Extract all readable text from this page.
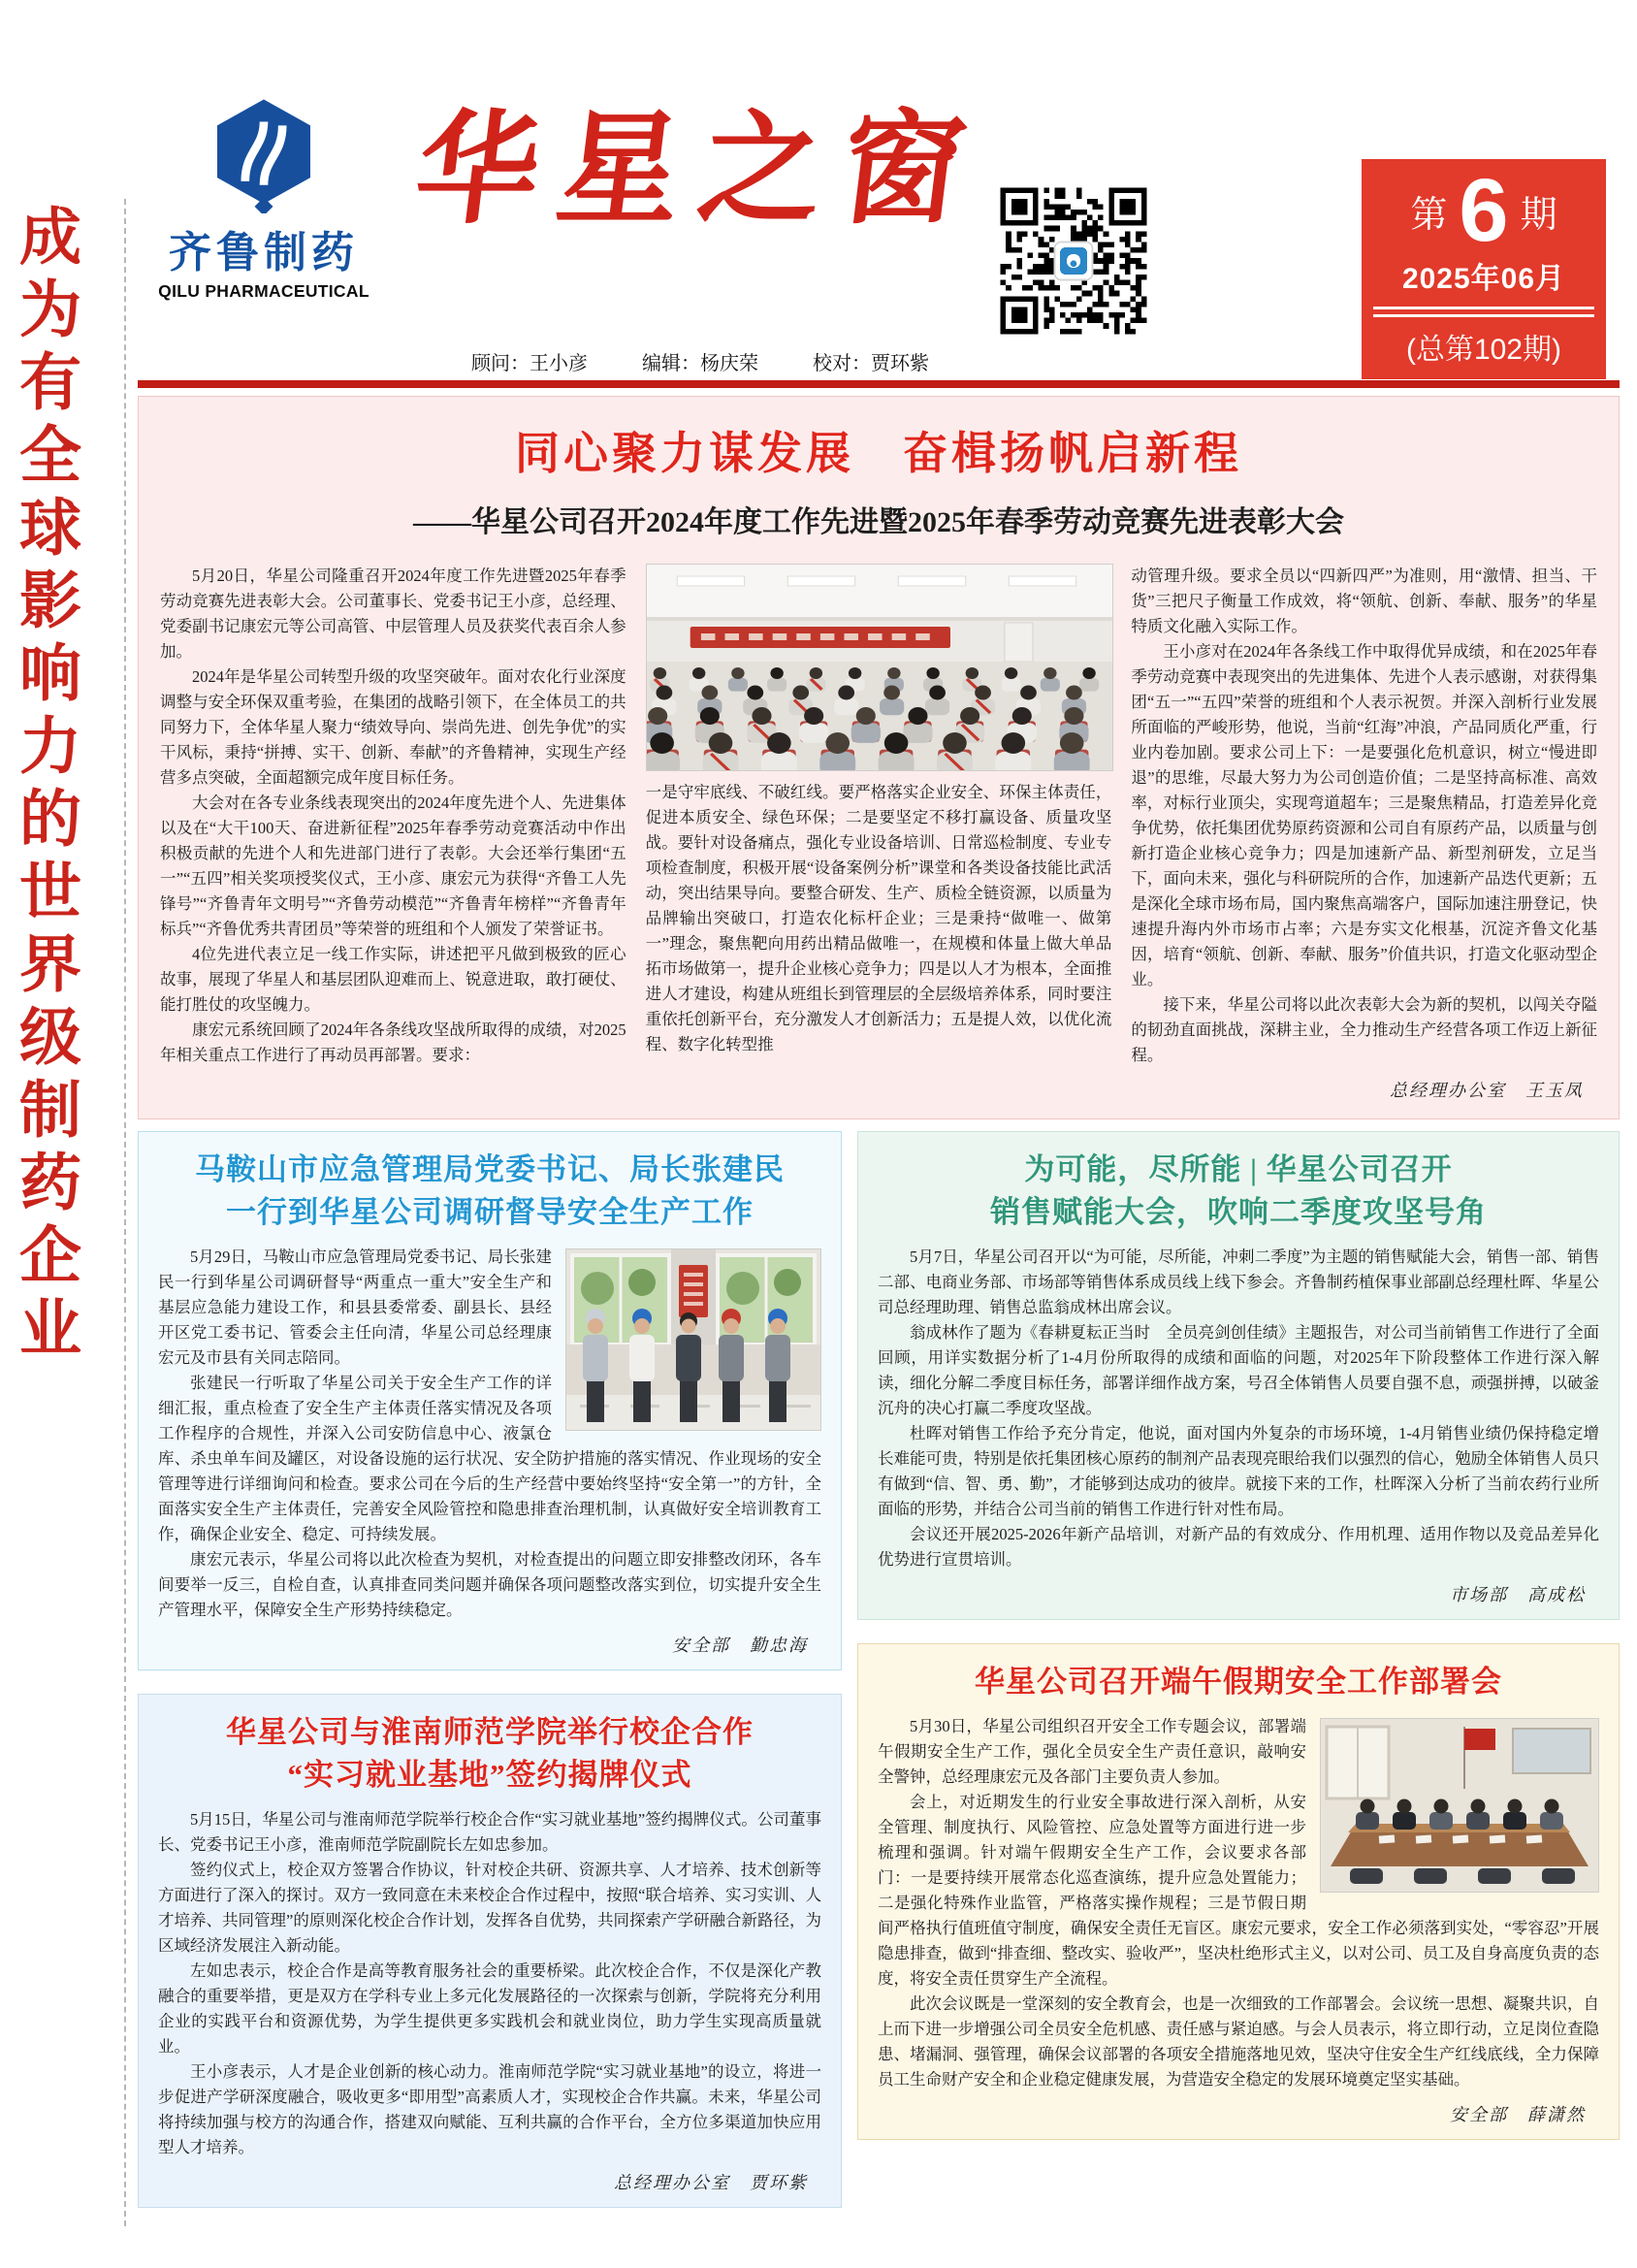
成为有全球影响力的世界级制药企业	齐鲁制药
QILU PHARMACEUTICAL
华星之窗
顾问：王小彦	编辑：杨庆荣	校对：贾环紫
第 6 期
2025年06月
(总第102期)
同心聚力谋发展　奋楫扬帆启新程
——华星公司召开2024年度工作先进暨2025年春季劳动竞赛先进表彰大会

5月20日，华星公司隆重召开2024年度工作先进暨2025年春季劳动竞赛先进表彰大会。公司董事长、党委书记王小彦，总经理、党委副书记康宏元等公司高管、中层管理人员及获奖代表百余人参加。

2024年是华星公司转型升级的攻坚突破年。面对农化行业深度调整与安全环保双重考验，在集团的战略引领下，在全体员工的共同努力下，全体华星人聚力“绩效导向、崇尚先进、创先争优”的实干风标，秉持“拼搏、实干、创新、奉献”的齐鲁精神，实现生产经营多点突破，全面超额完成年度目标任务。

大会对在各专业条线表现突出的2024年度先进个人、先进集体以及在“大干100天、奋进新征程”2025年春季劳动竞赛活动中作出积极贡献的先进个人和先进部门进行了表彰。大会还举行集团“五一”“五四”相关奖项授奖仪式，王小彦、康宏元为获得“齐鲁工人先锋号”“齐鲁青年文明号”“齐鲁劳动模范”“齐鲁青年榜样”“齐鲁青年标兵”“齐鲁优秀共青团员”等荣誉的班组和个人颁发了荣誉证书。

4位先进代表立足一线工作实际，讲述把平凡做到极致的匠心故事，展现了华星人和基层团队迎难而上、锐意进取，敢打硬仗、能打胜仗的攻坚魄力。

康宏元系统回顾了2024年各条线攻坚战所取得的成绩，对2025年相关重点工作进行了再动员再部署。要求：

一是守牢底线、不破红线。要严格落实企业安全、环保主体责任，促进本质安全、绿色环保；二是要坚定不移打赢设备、质量攻坚战。要针对设备痛点，强化专业设备培训、日常巡检制度、专业专项检查制度，积极开展“设备案例分析”课堂和各类设备技能比武活动，突出结果导向。要整合研发、生产、质检全链资源，以质量为品牌输出突破口，打造农化标杆企业；三是秉持“做唯一、做第一”理念，聚焦靶向用药出精品做唯一，在规模和体量上做大单品拓市场做第一，提升企业核心竞争力；四是以人才为根本，全面推进人才建设，构建从班组长到管理层的全层级培养体系，同时要注重依托创新平台，充分激发人才创新活力；五是提人效，以优化流程、数字化转型推

动管理升级。要求全员以“四新四严”为准则，用“激情、担当、干货”三把尺子衡量工作成效，将“领航、创新、奉献、服务”的华星特质文化融入实际工作。

王小彦对在2024年各条线工作中取得优异成绩，和在2025年春季劳动竞赛中表现突出的先进集体、先进个人表示感谢，对获得集团“五一”“五四”荣誉的班组和个人表示祝贺。并深入剖析行业发展所面临的严峻形势，他说，当前“红海”冲浪，产品同质化严重，行业内卷加剧。要求公司上下：一是要强化危机意识，树立“慢进即退”的思维，尽最大努力为公司创造价值；二是坚持高标准、高效率，对标行业顶尖，实现弯道超车；三是聚焦精品，打造差异化竞争优势，依托集团优势原药资源和公司自有原药产品，以质量与创新打造企业核心竞争力；四是加速新产品、新型剂研发，立足当下，面向未来，强化与科研院所的合作，加速新产品迭代更新；五是深化全球市场布局，国内聚焦高端客户，国际加速注册登记，快速提升海内外市场市占率；六是夯实文化根基，沉淀齐鲁文化基因，培育“领航、创新、奉献、服务”价值共识，打造文化驱动型企业。

接下来，华星公司将以此次表彰大会为新的契机，以闯关夺隘的韧劲直面挑战，深耕主业，全力推动生产经营各项工作迈上新征程。

总经理办公室　王玉凤
马鞍山市应急管理局党委书记、局长张建民
一行到华星公司调研督导安全生产工作

5月29日，马鞍山市应急管理局党委书记、局长张建民一行到华星公司调研督导“两重点一重大”安全生产和基层应急能力建设工作，和县县委常委、副县长、县经开区党工委书记、管委会主任向清，华星公司总经理康宏元及市县有关同志陪同。

张建民一行听取了华星公司关于安全生产工作的详细汇报，重点检查了安全生产主体责任落实情况及各项工作程序的合规性，并深入公司安防信息中心、液氯仓库、杀虫单车间及罐区，对设备设施的运行状况、安全防护措施的落实情况、作业现场的安全管理等进行详细询问和检查。要求公司在今后的生产经营中要始终坚持“安全第一”的方针，全面落实安全生产主体责任，完善安全风险管控和隐患排查治理机制，认真做好安全培训教育工作，确保企业安全、稳定、可持续发展。

康宏元表示，华星公司将以此次检查为契机，对检查提出的问题立即安排整改闭环，各车间要举一反三，自检自查，认真排查同类问题并确保各项问题整改落实到位，切实提升安全生产管理水平，保障安全生产形势持续稳定。

安全部　勤忠海
华星公司与淮南师范学院举行校企合作
“实习就业基地”签约揭牌仪式

5月15日，华星公司与淮南师范学院举行校企合作“实习就业基地”签约揭牌仪式。公司董事长、党委书记王小彦，淮南师范学院副院长左如忠参加。

签约仪式上，校企双方签署合作协议，针对校企共研、资源共享、人才培养、技术创新等方面进行了深入的探讨。双方一致同意在未来校企合作过程中，按照“联合培养、实习实训、人才培养、共同管理”的原则深化校企合作计划，发挥各自优势，共同探索产学研融合新路径，为区域经济发展注入新动能。

左如忠表示，校企合作是高等教育服务社会的重要桥梁。此次校企合作，不仅是深化产教融合的重要举措，更是双方在学科专业上多元化发展路径的一次探索与创新，学院将充分利用企业的实践平台和资源优势，为学生提供更多实践机会和就业岗位，助力学生实现高质量就业。

王小彦表示，人才是企业创新的核心动力。淮南师范学院“实习就业基地”的设立，将进一步促进产学研深度融合，吸收更多“即用型”高素质人才，实现校企合作共赢。未来，华星公司将持续加强与校方的沟通合作，搭建双向赋能、互利共赢的合作平台，全方位多渠道加快应用型人才培养。

总经理办公室　贾环紫
为可能，尽所能 | 华星公司召开
销售赋能大会，吹响二季度攻坚号角

5月7日，华星公司召开以“为可能，尽所能，冲刺二季度”为主题的销售赋能大会，销售一部、销售二部、电商业务部、市场部等销售体系成员线上线下参会。齐鲁制药植保事业部副总经理杜晖、华星公司总经理助理、销售总监翁成林出席会议。

翁成林作了题为《春耕夏耘正当时　全员亮剑创佳绩》主题报告，对公司当前销售工作进行了全面回顾，用详实数据分析了1-4月份所取得的成绩和面临的问题，对2025年下阶段整体工作进行深入解读，细化分解二季度目标任务，部署详细作战方案，号召全体销售人员要自强不息，顽强拼搏，以破釜沉舟的决心打赢二季度攻坚战。

杜晖对销售工作给予充分肯定，他说，面对国内外复杂的市场环境，1-4月销售业绩仍保持稳定增长难能可贵，特别是依托集团核心原药的制剂产品表现亮眼给我们以强烈的信心，勉励全体销售人员只有做到“信、智、勇、勤”，才能够到达成功的彼岸。就接下来的工作，杜晖深入分析了当前农药行业所面临的形势，并结合公司当前的销售工作进行针对性布局。

会议还开展2025-2026年新产品培训，对新产品的有效成分、作用机理、适用作物以及竞品差异化优势进行宣贯培训。

市场部　高成松
华星公司召开端午假期安全工作部署会

5月30日，华星公司组织召开安全工作专题会议，部署端午假期安全生产工作，强化全员安全生产责任意识，敲响安全警钟，总经理康宏元及各部门主要负责人参加。

会上，对近期发生的行业安全事故进行深入剖析，从安全管理、制度执行、风险管控、应急处置等方面进行进一步梳理和强调。针对端午假期安全生产工作，会议要求各部门：一是要持续开展常态化巡查演练，提升应急处置能力；二是强化特殊作业监管，严格落实操作规程；三是节假日期间严格执行值班值守制度，确保安全责任无盲区。康宏元要求，安全工作必须落到实处，“零容忍”开展隐患排查，做到“排查细、整改实、验收严”，坚决杜绝形式主义，以对公司、员工及自身高度负责的态度，将安全责任贯穿生产全流程。

此次会议既是一堂深刻的安全教育会，也是一次细致的工作部署会。会议统一思想、凝聚共识，自上而下进一步增强公司全员安全危机感、责任感与紧迫感。与会人员表示，将立即行动，立足岗位查隐患、堵漏洞、强管理，确保会议部署的各项安全措施落地见效，坚决守住安全生产红线底线，全力保障员工生命财产安全和企业稳定健康发展，为营造安全稳定的发展环境奠定坚实基础。

安全部　薛潇然
